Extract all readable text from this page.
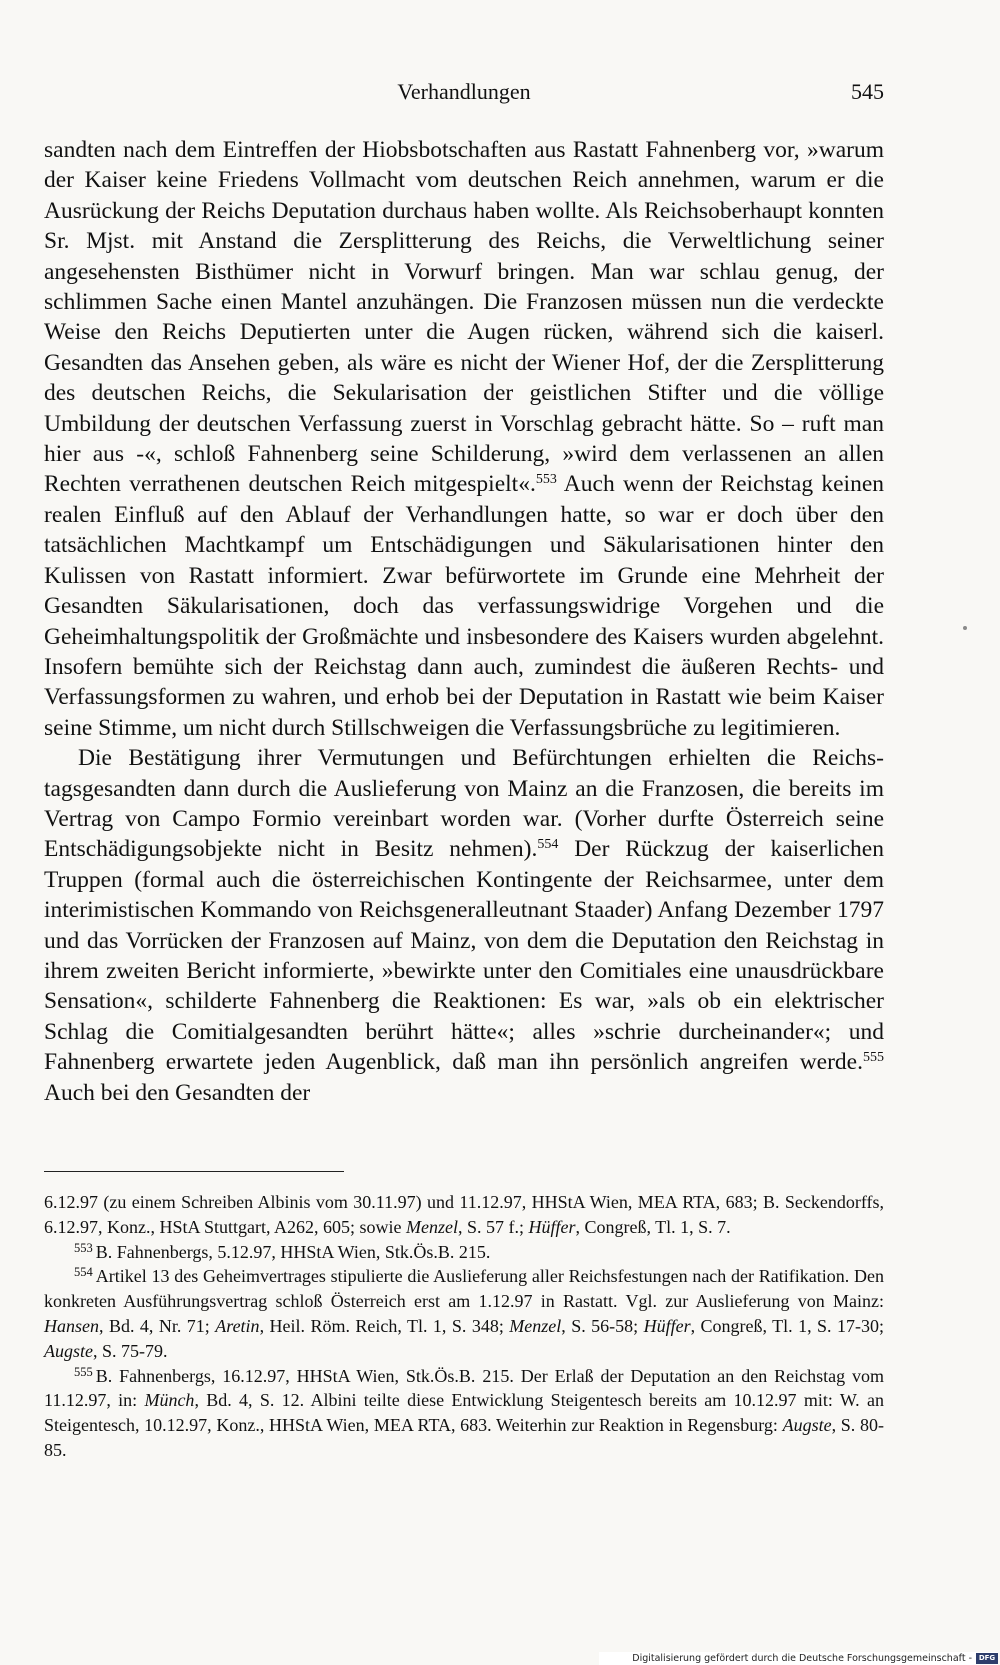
Verhandlungen	545

sandten nach dem Eintreffen der Hiobsbotschaften aus Rastatt Fahnenberg vor, »warum der Kaiser keine Friedens Vollmacht vom deutschen Reich annehmen, warum er die Ausrückung der Reichs Deputation durchaus haben wollte. Als Reichsoberhaupt konnten Sr. Mjst. mit Anstand die Zersplitterung des Reichs, die Verweltlichung seiner angesehensten Bisthümer nicht in Vorwurf bringen. Man war schlau genug, der schlimmen Sache einen Mantel anzuhängen. Die Franzosen müssen nun die verdeckte Weise den Reichs Deputierten unter die Augen rücken, während sich die kaiserl. Gesandten das Ansehen geben, als wäre es nicht der Wiener Hof, der die Zersplitterung des deutschen Reichs, die Sekularisation der geistlichen Stifter und die völlige Umbildung der deutschen Verfassung zuerst in Vorschlag gebracht hätte. So – ruft man hier aus -«, schloß Fahnenberg seine Schilderung, »wird dem verlassenen an allen Rechten verrathenen deutschen Reich mitgespielt«.$^{553}$ Auch wenn der Reichstag keinen realen Einfluß auf den Ablauf der Verhandlungen hatte, so war er doch über den tatsächlichen Machtkampf um Entschädigungen und Säkularisationen hinter den Kulissen von Rastatt informiert. Zwar befürwortete im Grunde eine Mehrheit der Gesandten Säkularisationen, doch das verfassungswidrige Vorgehen und die Geheimhaltungspolitik der Großmächte und insbesondere des Kaisers wurden abgelehnt. Insofern bemühte sich der Reichstag dann auch, zumindest die äußeren Rechts- und Verfassungsformen zu wahren, und erhob bei der Deputation in Rastatt wie beim Kaiser seine Stimme, um nicht durch Stillschweigen die Verfassungsbrüche zu legitimieren.

Die Bestätigung ihrer Vermutungen und Befürchtungen erhielten die Reichstagsgesandten dann durch die Auslieferung von Mainz an die Franzosen, die bereits im Vertrag von Campo Formio vereinbart worden war. (Vorher durfte Österreich seine Entschädigungsobjekte nicht in Besitz nehmen).$^{554}$ Der Rückzug der kaiserlichen Truppen (formal auch die österreichischen Kontingente der Reichsarmee, unter dem interimistischen Kommando von Reichsgeneralleutnant Staader) Anfang Dezember 1797 und das Vorrücken der Franzosen auf Mainz, von dem die Deputation den Reichstag in ihrem zweiten Bericht informierte, »bewirkte unter den Comitiales eine unausdrückbare Sensation«, schilderte Fahnenberg die Reaktionen: Es war, »als ob ein elektrischer Schlag die Comitialgesandten berührt hätte«; alles »schrie durcheinander«; und Fahnenberg erwartete jeden Augenblick, daß man ihn persönlich angreifen werde.$^{555}$ Auch bei den Gesandten der

6.12.97 (zu einem Schreiben Albinis vom 30.11.97) und 11.12.97, HHStA Wien, MEA RTA, 683; B. Seckendorffs, 6.12.97, Konz., HStA Stuttgart, A262, 605; sowie Menzel, S. 57 f.; Hüffer, Congreß, Tl. 1, S. 7.

$^{553}$ B. Fahnenbergs, 5.12.97, HHStA Wien, Stk.Ös.B. 215.

$^{554}$ Artikel 13 des Geheimvertrages stipulierte die Auslieferung aller Reichsfestungen nach der Ratifikation. Den konkreten Ausführungsvertrag schloß Österreich erst am 1.12.97 in Rastatt. Vgl. zur Auslieferung von Mainz: Hansen, Bd. 4, Nr. 71; Aretin, Heil. Röm. Reich, Tl. 1, S. 348; Menzel, S. 56-58; Hüffer, Congreß, Tl. 1, S. 17-30; Augste, S. 75-79.

$^{555}$ B. Fahnenbergs, 16.12.97, HHStA Wien, Stk.Ös.B. 215. Der Erlaß der Deputation an den Reichstag vom 11.12.97, in: Münch, Bd. 4, S. 12. Albini teilte diese Entwicklung Steigentesch bereits am 10.12.97 mit: W. an Steigentesch, 10.12.97, Konz., HHStA Wien, MEA RTA, 683. Weiterhin zur Reaktion in Regensburg: Augste, S. 80-85.

Digitalisierung gefördert durch die Deutsche Forschungsgemeinschaft - DFG
